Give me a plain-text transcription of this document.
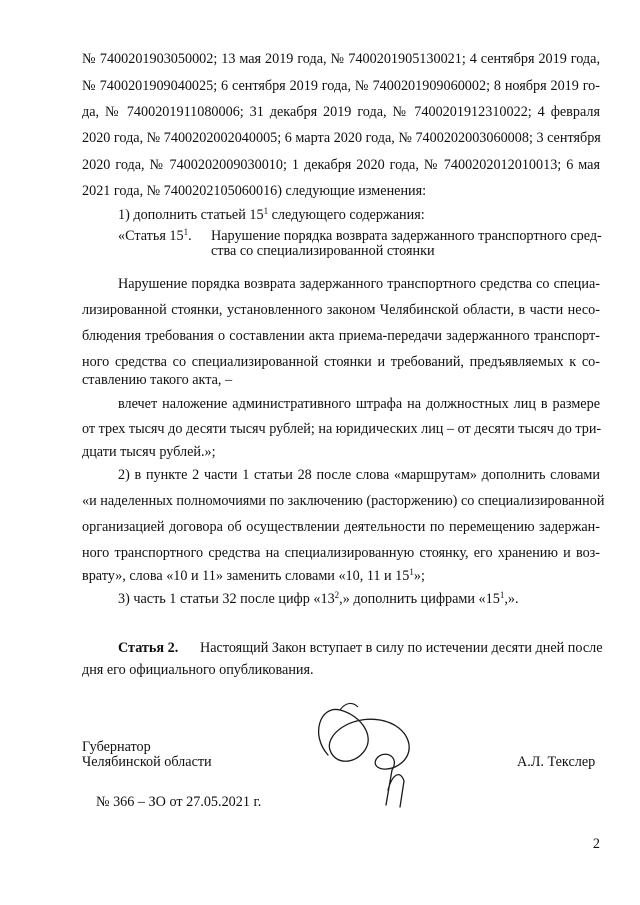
№ 7400201903050002; 13 мая 2019 года, № 7400201905130021; 4 сентября 2019 года,
№ 7400201909040025; 6 сентября 2019 года, № 7400201909060002; 8 ноября 2019 го-
да, № 7400201911080006; 31 декабря 2019 года, № 7400201912310022; 4 февраля
2020 года, № 7400202002040005; 6 марта 2020 года, № 7400202003060008; 3 сентября
2020 года, № 7400202009030010; 1 декабря 2020 года, № 7400202012010013; 6 мая
2021 года, № 7400202105060016) следующие изменения:
1) дополнить статьей $15^1$ следующего содержания:
«Статья $15^1$.	Нарушение порядка возврата задержанного транспортного сред-
ства со специализированной стоянки
Нарушение порядка возврата задержанного транспортного средства со специа-
лизированной стоянки, установленного законом Челябинской области, в части несо-
блюдения требования о составлении акта приема-передачи задержанного транспорт-
ного средства со специализированной стоянки и требований, предъявляемых к со-
ставлению такого акта, –
влечет наложение административного штрафа на должностных лиц в размере
от трех тысяч до десяти тысяч рублей; на юридических лиц – от десяти тысяч до три-
дцати тысяч рублей.»;
2) в пункте 2 части 1 статьи 28 после слова «маршрутам» дополнить словами
«и наделенных полномочиями по заключению (расторжению) со специализированной
организацией договора об осуществлении деятельности по перемещению задержан-
ного транспортного средства на специализированную стоянку, его хранению и воз-
врату», слова «10 и 11» заменить словами «10, 11 и $15^1$»;
3) часть 1 статьи 32 после цифр «$13^2$,» дополнить цифрами «$15^1$,».
Статья 2.	Настоящий Закон вступает в силу по истечении десяти дней после
дня его официального опубликования.
Губернатор
Челябинской области	А.Л. Текслер
№ 366 – ЗО от 27.05.2021 г.
2
